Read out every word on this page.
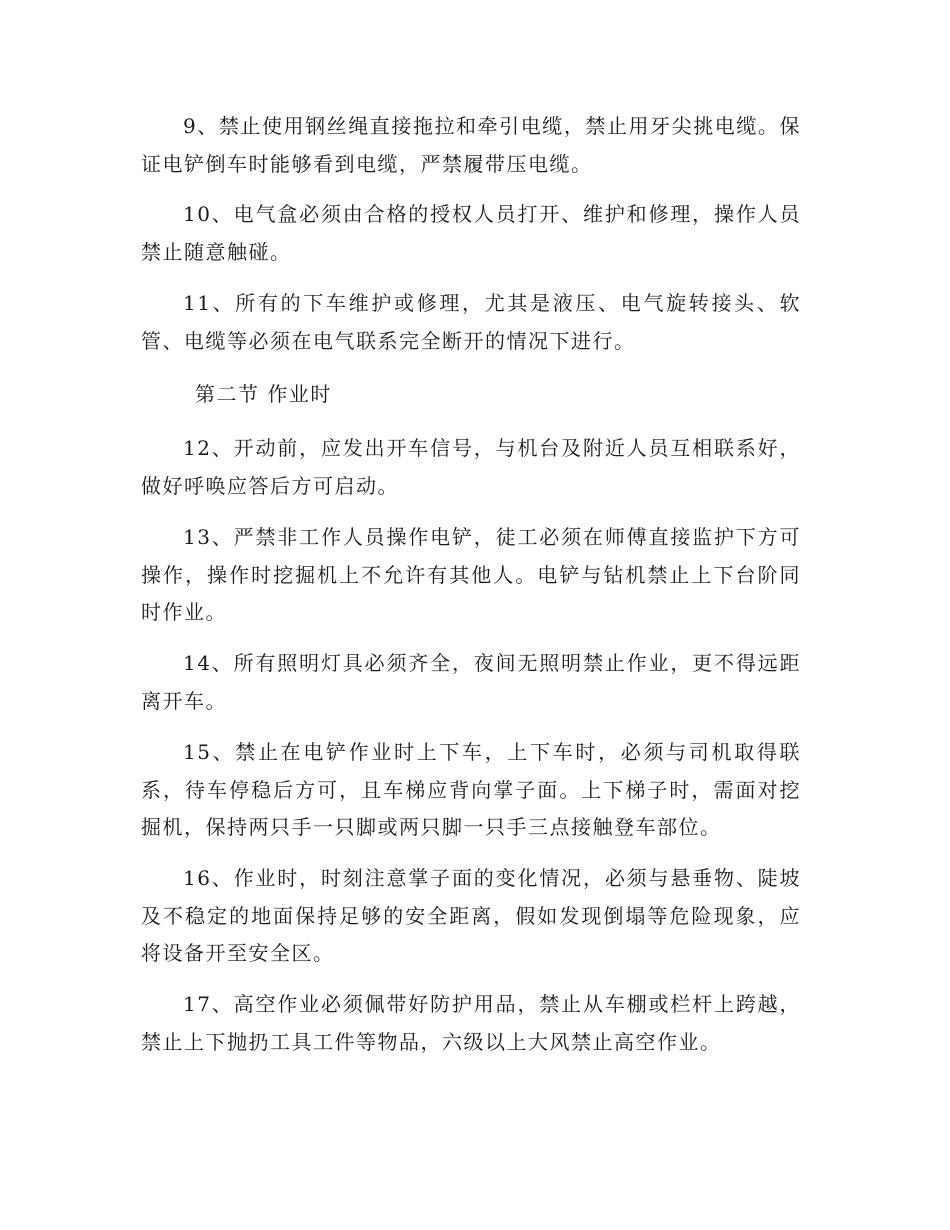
9、禁止使用钢丝绳直接拖拉和牵引电缆，禁止用牙尖挑电缆。保证电铲倒车时能够看到电缆，严禁履带压电缆。

10、电气盒必须由合格的授权人员打开、维护和修理，操作人员禁止随意触碰。

11、所有的下车维护或修理，尤其是液压、电气旋转接头、软管、电缆等必须在电气联系完全断开的情况下进行。

第二节 作业时

12、开动前，应发出开车信号，与机台及附近人员互相联系好，做好呼唤应答后方可启动。

13、严禁非工作人员操作电铲，徒工必须在师傅直接监护下方可操作，操作时挖掘机上不允许有其他人。电铲与钻机禁止上下台阶同时作业。

14、所有照明灯具必须齐全，夜间无照明禁止作业，更不得远距离开车。

15、禁止在电铲作业时上下车，上下车时，必须与司机取得联系，待车停稳后方可，且车梯应背向掌子面。上下梯子时，需面对挖掘机，保持两只手一只脚或两只脚一只手三点接触登车部位。

16、作业时，时刻注意掌子面的变化情况，必须与悬垂物、陡坡及不稳定的地面保持足够的安全距离，假如发现倒塌等危险现象，应将设备开至安全区。

17、高空作业必须佩带好防护用品，禁止从车棚或栏杆上跨越，禁止上下抛扔工具工件等物品，六级以上大风禁止高空作业。
